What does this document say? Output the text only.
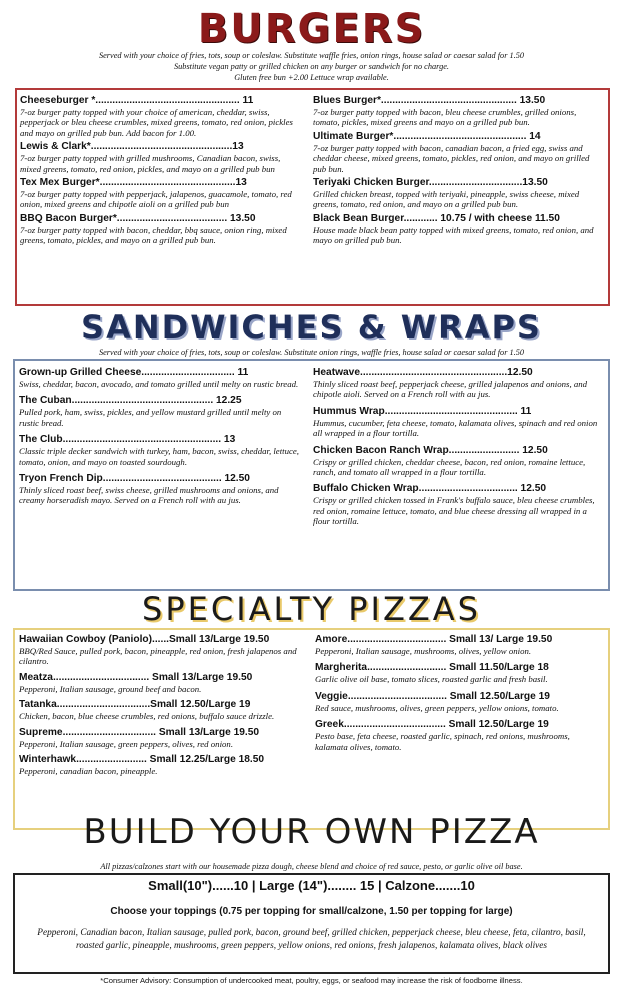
BURGERS
Served with your choice of fries, tots, soup or coleslaw. Substitute waffle fries, onion rings, house salad or caesar salad for 1.50
Substitute vegan patty or grilled chicken on any burger or sandwich for no charge.
Gluten free bun +2.00 Lettuce wrap available.
Cheeseburger *................................................... 11
7-oz burger patty topped with your choice of american, cheddar, swiss, pepperjack or bleu cheese crumbles, mixed greens, tomato, red onion, pickles and mayo on grilled pub bun. Add bacon for 1.00.
Lewis & Clark*..................................................13
7-oz burger patty topped with grilled mushrooms, Canadian bacon, swiss, mixed greens, tomato, red onion, pickles, and mayo on a grilled pub bun
Tex Mex Burger*................................................13
7-oz burger patty topped with pepperjack, jalapenos, guacamole, tomato, red onion, mixed greens and chipotle aioli on a grilled pub bun
BBQ Bacon Burger*....................................... 13.50
7-oz burger patty topped with bacon, cheddar, bbq sauce, onion ring, mixed greens, tomato, pickles, and mayo on a grilled pub bun.
Blues Burger*................................................ 13.50
7-oz burger patty topped with bacon, bleu cheese crumbles, grilled onions, tomato, pickles, mixed greens and mayo on a grilled pub bun.
Ultimate Burger*............................................... 14
7-oz burger patty topped with bacon, canadian bacon, a fried egg, swiss and cheddar cheese, mixed greens, tomato, pickles, red onion, and mayo on grilled pub bun.
Teriyaki Chicken Burger.................................13.50
Grilled chicken breast, topped with teriyaki, pineapple, swiss cheese, mixed greens, tomato, red onion, and mayo on a grilled pub bun.
Black Bean Burger............ 10.75 / with cheese 11.50
House made black bean patty topped with mixed greens, tomato, red onion, and mayo on grilled pub bun.
SANDWICHES & WRAPS
Served with your choice of fries, tots, soup or coleslaw. Substitute onion rings, waffle fries, house salad or caesar salad for 1.50
Grown-up Grilled Cheese................................. 11
Swiss, cheddar, bacon, avocado, and tomato grilled until melty on rustic bread.
The Cuban.................................................. 12.25
Pulled pork, ham, swiss, pickles, and yellow mustard grilled until melty on rustic bread.
The Club........................................................ 13
Classic triple decker sandwich with turkey, ham, bacon, swiss, cheddar, lettuce, tomato, onion, and mayo on toasted sourdough.
Tryon French Dip.......................................... 12.50
Thinly sliced roast beef, swiss cheese, grilled mushrooms and onions, and creamy horseradish mayo. Served on a French roll with au jus.
Heatwave....................................................12.50
Thinly sliced roast beef, pepperjack cheese, grilled jalapenos and onions, and chipotle aioli. Served on a French roll with au jus.
Hummus Wrap............................................... 11
Hummus, cucumber, feta cheese, tomato, kalamata olives, spinach and red onion all wrapped in a flour tortilla.
Chicken Bacon Ranch Wrap......................... 12.50
Crispy or grilled chicken, cheddar cheese, bacon, red onion, romaine lettuce, ranch, and tomato all wrapped in a flour tortilla.
Buffalo Chicken Wrap................................... 12.50
Crispy or grilled chicken tossed in Frank's buffalo sauce, bleu cheese crumbles, red onion, romaine lettuce, tomato, and blue cheese dressing all wrapped in a flour tortilla.
SPECIALTY PIZZAS
Hawaiian Cowboy (Paniolo)......Small 13/Large 19.50
BBQ/Red Sauce, pulled pork, bacon, pineapple, red onion, fresh jalapenos and cilantro.
Meatza.................................. Small 13/Large 19.50
Pepperoni, Italian sausage, ground beef and bacon.
Tatanka.................................Small 12.50/Large 19
Chicken, bacon, blue cheese crumbles, red onions, buffalo sauce drizzle.
Supreme................................. Small 13/Large 19.50
Pepperoni, Italian sausage, green peppers, olives, red onion.
Winterhawk......................... Small 12.25/Large 18.50
Pepperoni, canadian bacon, pineapple.
Amore................................... Small 13/ Large 19.50
Pepperoni, Italian sausage, mushrooms, olives, yellow onion.
Margherita............................ Small 11.50/Large 18
Garlic olive oil base, tomato slices, roasted garlic and fresh basil.
Veggie................................... Small 12.50/Large 19
Red sauce, mushrooms, olives, green peppers, yellow onions, tomato.
Greek.................................... Small 12.50/Large 19
Pesto base, feta cheese, roasted garlic, spinach, red onions, mushrooms, kalamata olives, tomato.
BUILD YOUR OWN PIZZA
All pizzas/calzones start with our housemade pizza dough, cheese blend and choice of red sauce, pesto, or garlic olive oil base.
Small(10")......10 | Large (14")........ 15 | Calzone.......10
Choose your toppings (0.75 per topping for small/calzone, 1.50 per topping for large)
Pepperoni, Canadian bacon, Italian sausage, pulled pork, bacon, ground beef, grilled chicken, pepperjack cheese, bleu cheese, feta, cilantro, basil, roasted garlic, pineapple, mushrooms, green peppers, yellow onions, red onions, fresh jalapenos, kalamata olives, black olives
*Consumer Advisory: Consumption of undercooked meat, poultry, eggs, or seafood may increase the risk of foodborne illness.
